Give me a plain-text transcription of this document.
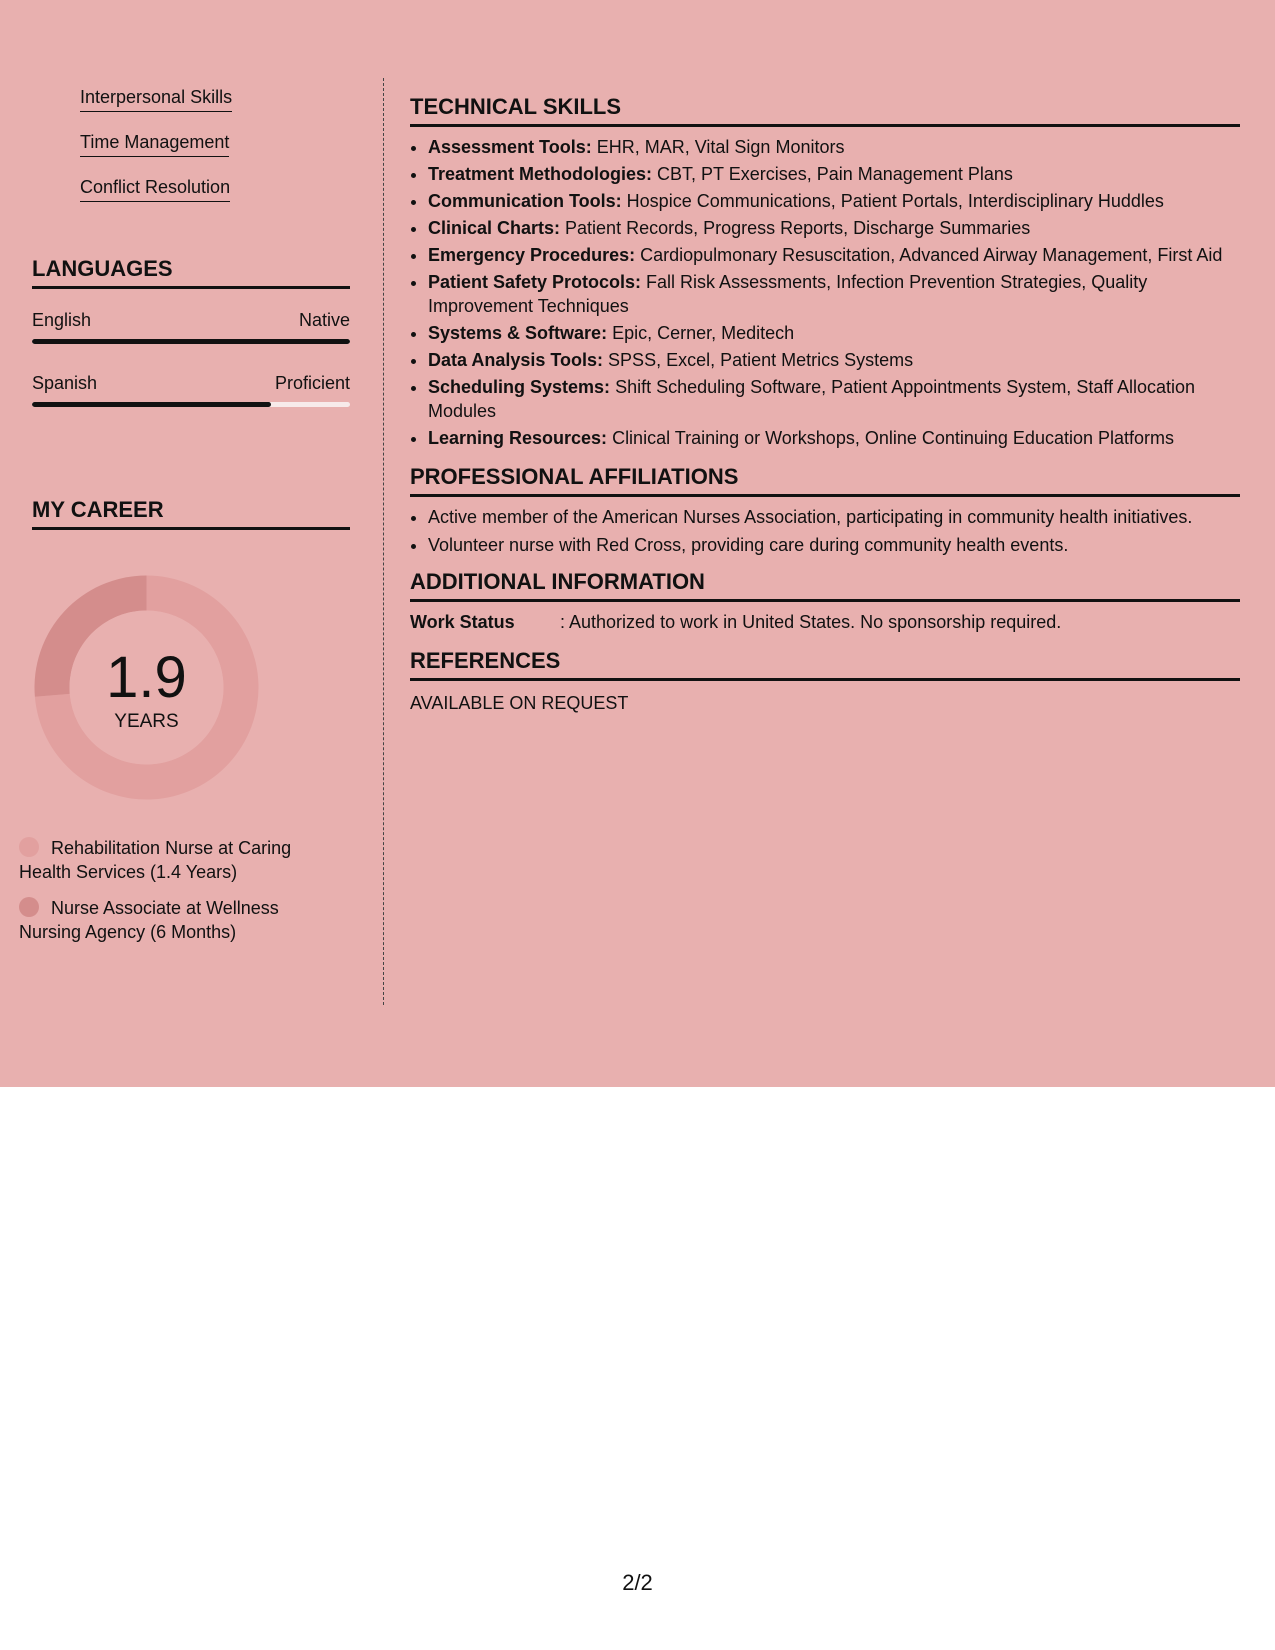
Interpersonal Skills
Time Management
Conflict Resolution
LANGUAGES
English	Native
Spanish	Proficient
MY CAREER
1.9
YEARS
Rehabilitation Nurse at Caring Health Services (1.4 Years)
Nurse Associate at Wellness Nursing Agency (6 Months)
TECHNICAL SKILLS
• Assessment Tools: EHR, MAR, Vital Sign Monitors
• Treatment Methodologies: CBT, PT Exercises, Pain Management Plans
• Communication Tools: Hospice Communications, Patient Portals, Interdisciplinary Huddles
• Clinical Charts: Patient Records, Progress Reports, Discharge Summaries
• Emergency Procedures: Cardiopulmonary Resuscitation, Advanced Airway Management, First Aid
• Patient Safety Protocols: Fall Risk Assessments, Infection Prevention Strategies, Quality Improvement Techniques
• Systems & Software: Epic, Cerner, Meditech
• Data Analysis Tools: SPSS, Excel, Patient Metrics Systems
• Scheduling Systems: Shift Scheduling Software, Patient Appointments System, Staff Allocation Modules
• Learning Resources: Clinical Training or Workshops, Online Continuing Education Platforms
PROFESSIONAL AFFILIATIONS
• Active member of the American Nurses Association, participating in community health initiatives.
• Volunteer nurse with Red Cross, providing care during community health events.
ADDITIONAL INFORMATION
Work Status	: Authorized to work in United States. No sponsorship required.
REFERENCES
AVAILABLE ON REQUEST
2/2
